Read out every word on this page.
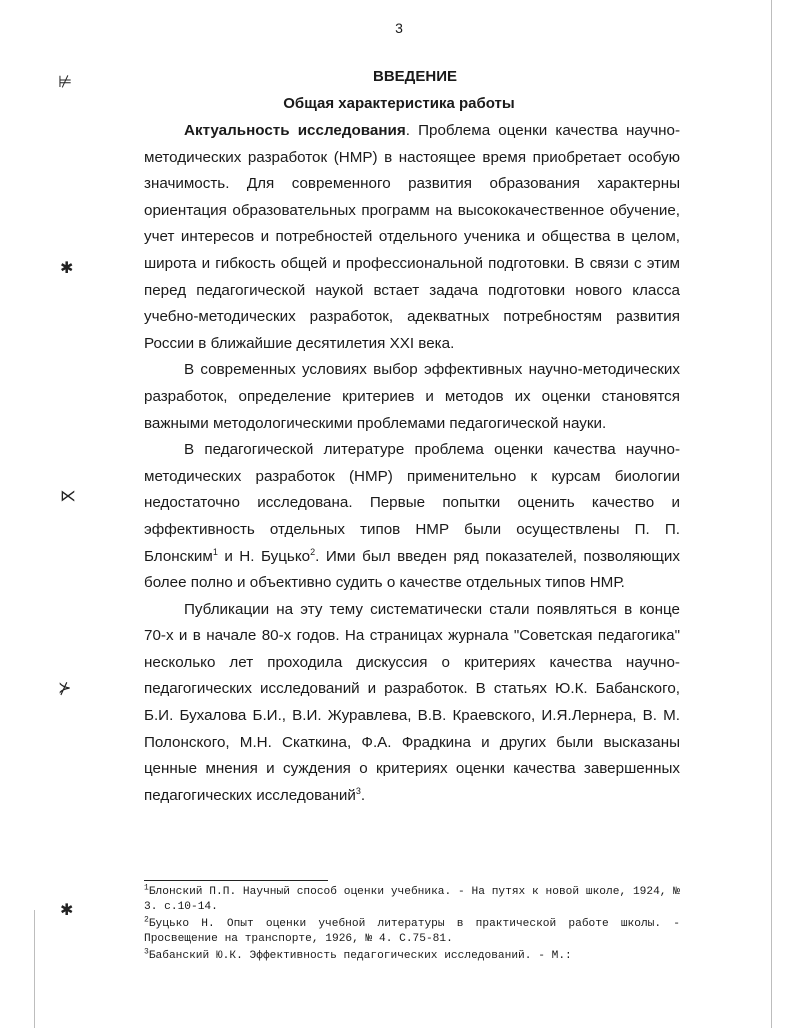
3
ВВЕДЕНИЕ
Общая характеристика работы
⊭
✱
⋉
⊁
✱

Актуальность исследования. Проблема оценки качества научно-методических разработок (НМР) в настоящее время приобретает особую значимость. Для современного развития образования характерны ориентация образовательных программ на высококачественное обучение, учет интересов и потребностей отдельного ученика и общества в целом, широта и гибкость общей и профессиональной подготовки. В связи с этим перед педагогической наукой встает задача подготовки нового класса учебно-методических разработок, адекватных потребностям развития России в ближайшие десятилетия XXI века.

В современных условиях выбор эффективных научно-методических разработок, определение критериев и методов их оценки становятся важными методологическими проблемами педагогической науки.

В педагогической литературе проблема оценки качества научно-методических разработок (НМР) применительно к курсам биологии недостаточно исследована. Первые попытки оценить качество и эффективность отдельных типов НМР были осуществлены П. П. Блонским$^1$ и Н. Буцько$^2$. Ими был введен ряд показателей, позволяющих более полно и объективно судить о качестве отдельных типов НМР.

Публикации на эту тему систематически стали появляться в конце 70-х и в начале 80-х годов. На страницах журнала "Советская педагогика" несколько лет проходила дискуссия о критериях качества научно-педагогических исследований и разработок. В статьях Ю.К. Бабанского, Б.И. Бухалова Б.И., В.И. Журавлева, В.В. Краевского, И.Я.Лернера, В. М. Полонского, М.Н. Скаткина, Ф.А. Фрадкина и других были высказаны ценные мнения и суждения о критериях оценки качества завершенных педагогических исследований$^3$.

$^1$Блонский П.П. Научный способ оценки учебника. - На путях к новой школе, 1924, № 3. с.10-14.

$^2$Буцько Н. Опыт оценки учебной литературы в практической работе школы. - Просвещение на транспорте, 1926, № 4. С.75-81.

$^3$Бабанский Ю.К. Эффективность педагогических исследований. - М.:
